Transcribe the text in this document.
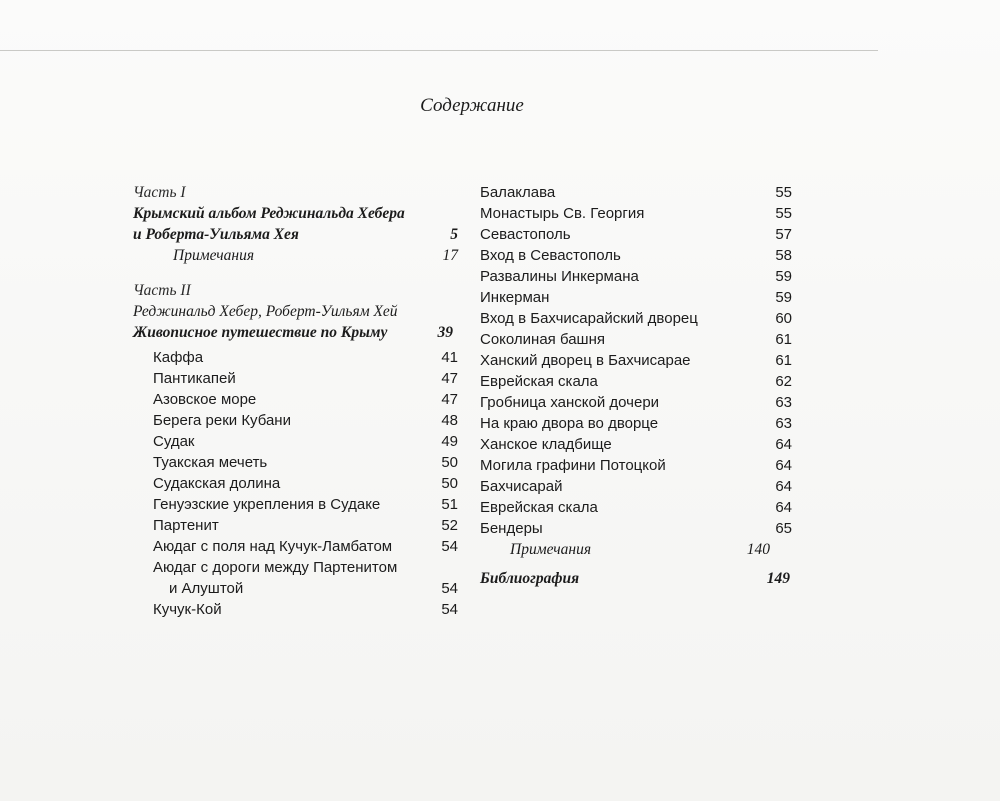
Содержание
Часть I
Крымский альбом Реджинальда Хебера
и Роберта-Уильяма Хея	5
Примечания	17
Часть II
Реджинальд Хебер, Роберт-Уильям Хей
Живописное путешествие по Крыму	39
Каффа	41
Пантикапей	47
Азовское море	47
Берега реки Кубани	48
Судак	49
Туакская мечеть	50
Судакская долина	50
Генуэзские укрепления в Судаке	51
Партенит	52
Аюдаг с поля над Кучук-Ламбатом	54
Аюдаг с дороги между Партенитом
и Алуштой	54
Кучук-Кой	54
Балаклава	55
Монастырь Св. Георгия	55
Севастополь	57
Вход в Севастополь	58
Развалины Инкермана	59
Инкерман	59
Вход в Бахчисарайский дворец	60
Соколиная башня	61
Ханский дворец в Бахчисарае	61
Еврейская скала	62
Гробница ханской дочери	63
На краю двора во дворце	63
Ханское кладбище	64
Могила графини Потоцкой	64
Бахчисарай	64
Еврейская скала	64
Бендеры	65
Примечания	140
Библиография	149
